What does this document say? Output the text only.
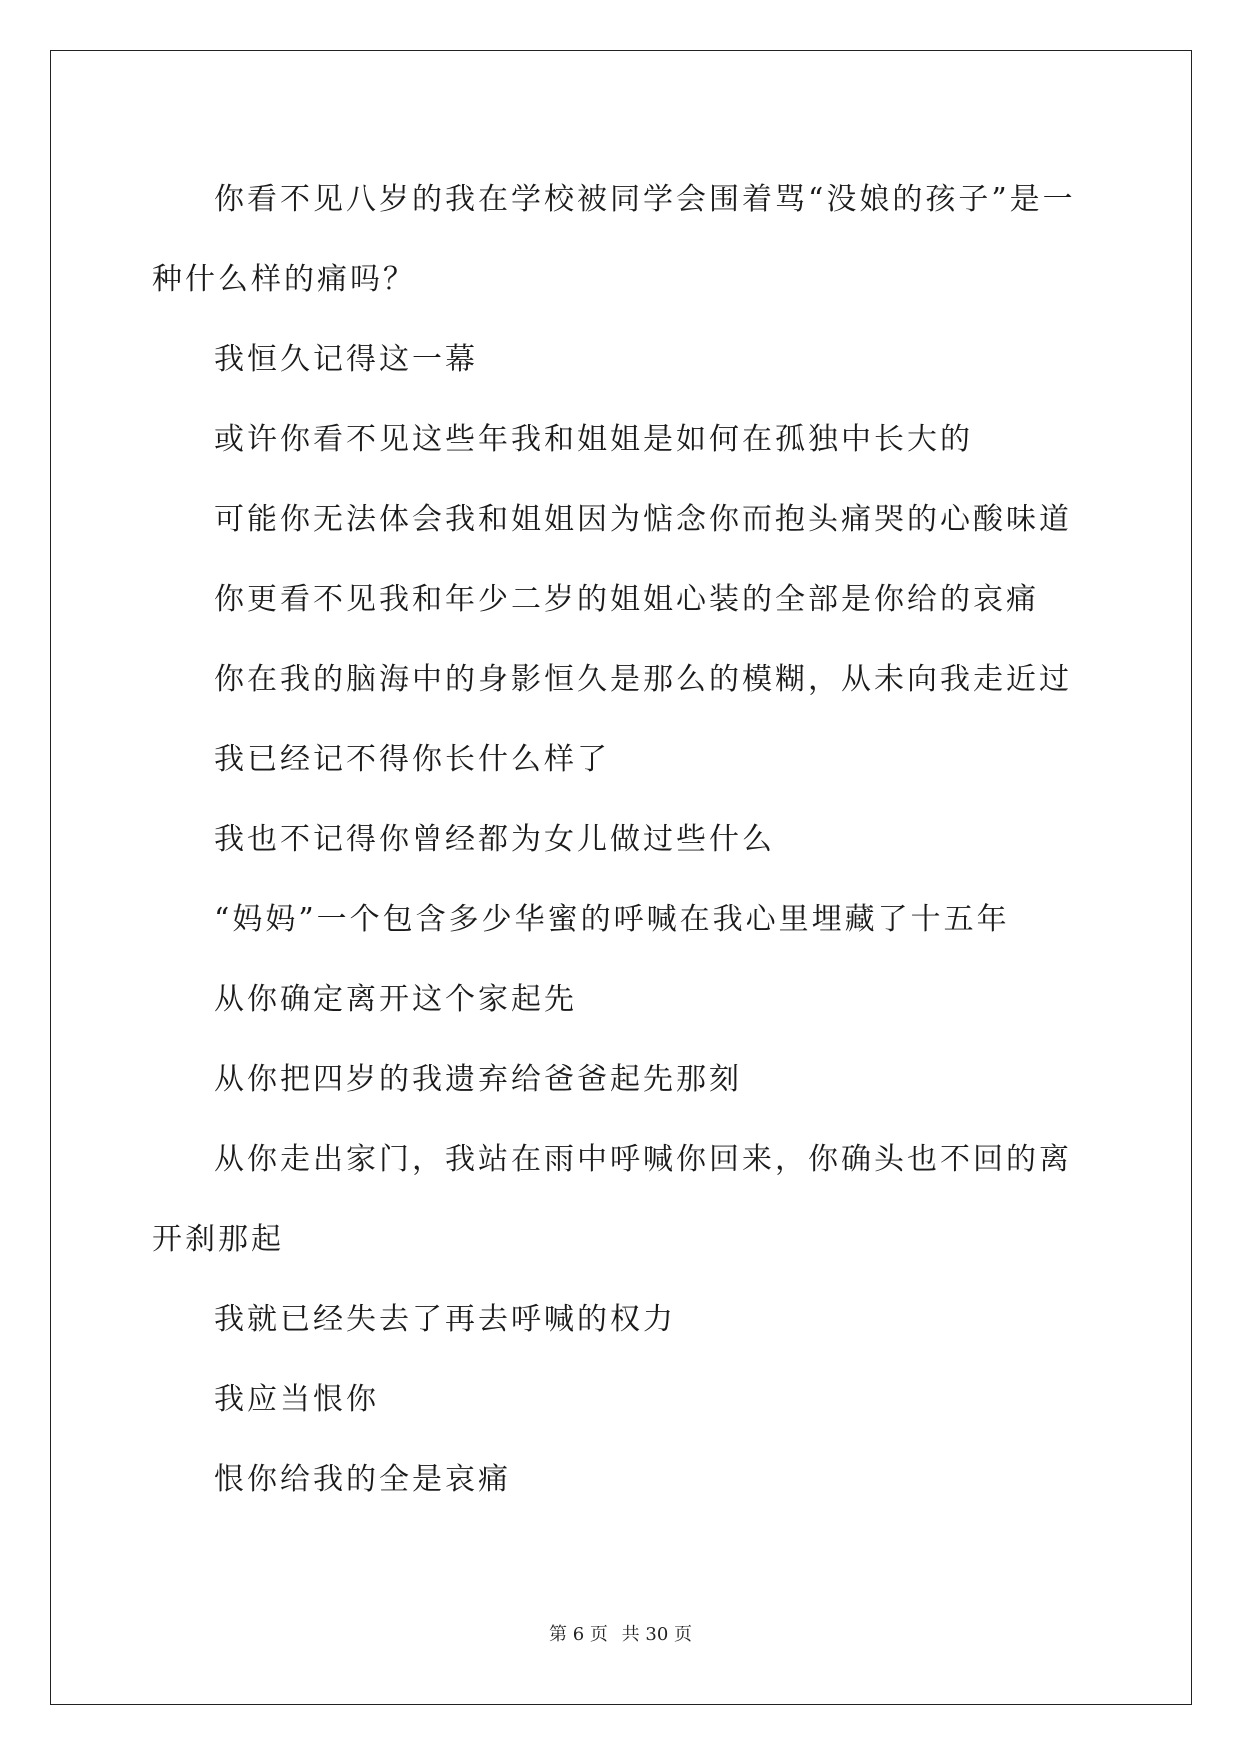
你看不见八岁的我在学校被同学会围着骂“没娘的孩子”是一种什么样的痛吗？

我恒久记得这一幕

或许你看不见这些年我和姐姐是如何在孤独中长大的

可能你无法体会我和姐姐因为惦念你而抱头痛哭的心酸味道

你更看不见我和年少二岁的姐姐心装的全部是你给的哀痛

你在我的脑海中的身影恒久是那么的模糊，从未向我走近过

我已经记不得你长什么样了

我也不记得你曾经都为女儿做过些什么

“妈妈”一个包含多少华蜜的呼喊在我心里埋藏了十五年

从你确定离开这个家起先

从你把四岁的我遗弃给爸爸起先那刻

从你走出家门，我站在雨中呼喊你回来，你确头也不回的离开刹那起

我就已经失去了再去呼喊的权力

我应当恨你

恨你给我的全是哀痛

第 6 页 共 30 页
